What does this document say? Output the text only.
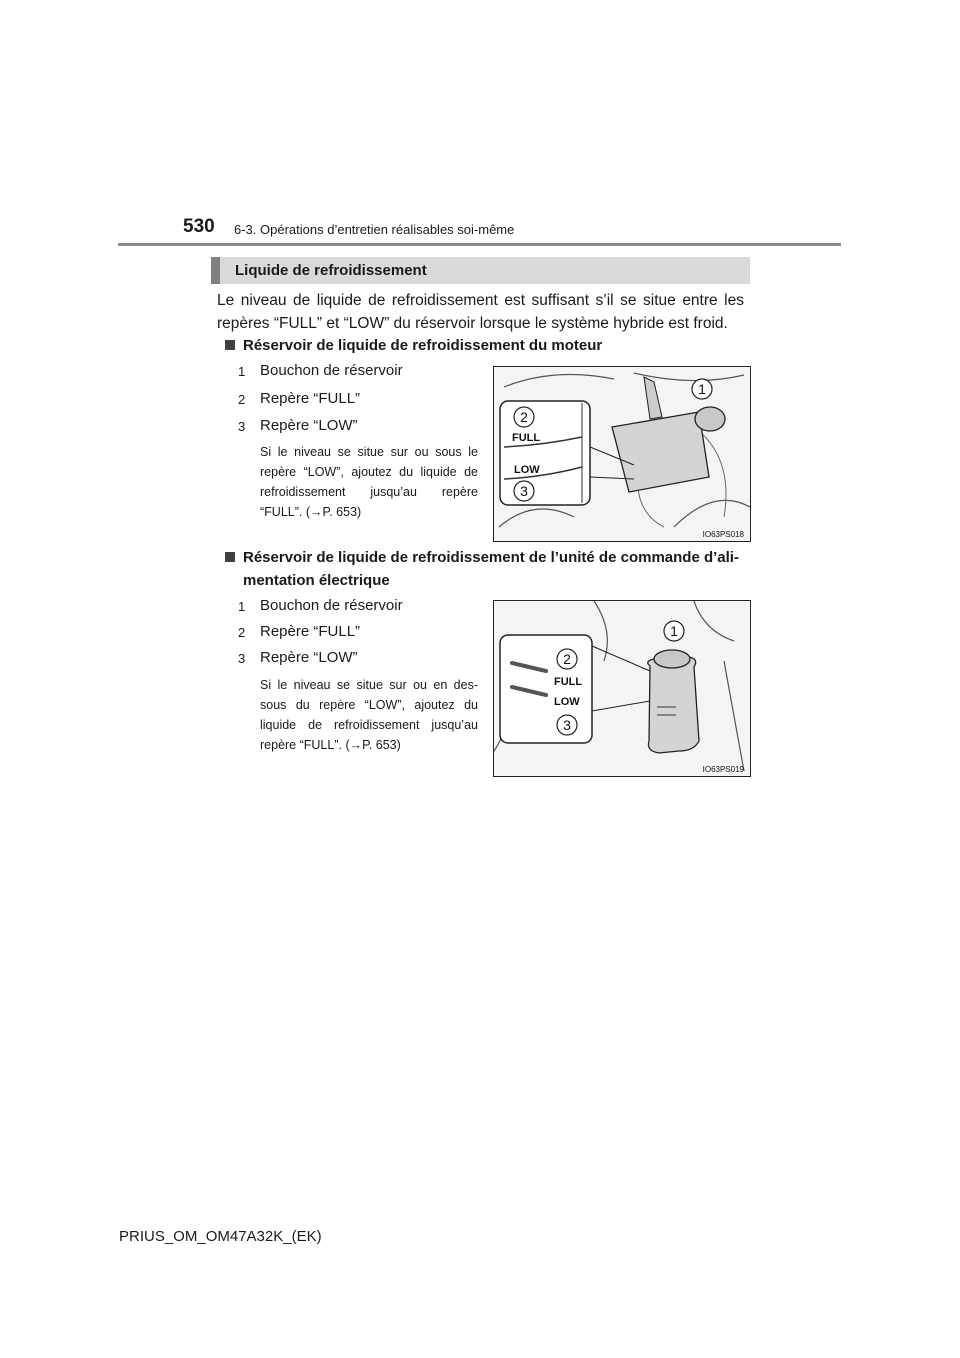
530 6-3. Opérations d’entretien réalisables soi-même
Liquide de refroidissement
Le niveau de liquide de refroidissement est suffisant s’il se situe entre les repères “FULL” et “LOW” du réservoir lorsque le système hybride est froid.
Réservoir de liquide de refroidissement du moteur
1 Bouchon de réservoir
2 Repère “FULL”
3 Repère “LOW”
Si le niveau se situe sur ou sous le repère “LOW”, ajoutez du liquide de refroidissement jusqu’au repère “FULL”. (→P. 653)
1
2
3
FULL
LOW
IO63PS018
Réservoir de liquide de refroidissement de l’unité de commande d’ali-
mentation électrique
1 Bouchon de réservoir
2 Repère “FULL”
3 Repère “LOW”
Si le niveau se situe sur ou en des-sous du repère “LOW”, ajoutez du liquide de refroidissement jusqu’au repère “FULL”. (→P. 653)
1
2
3
FULL
LOW
IO63PS019
PRIUS_OM_OM47A32K_(EK)
